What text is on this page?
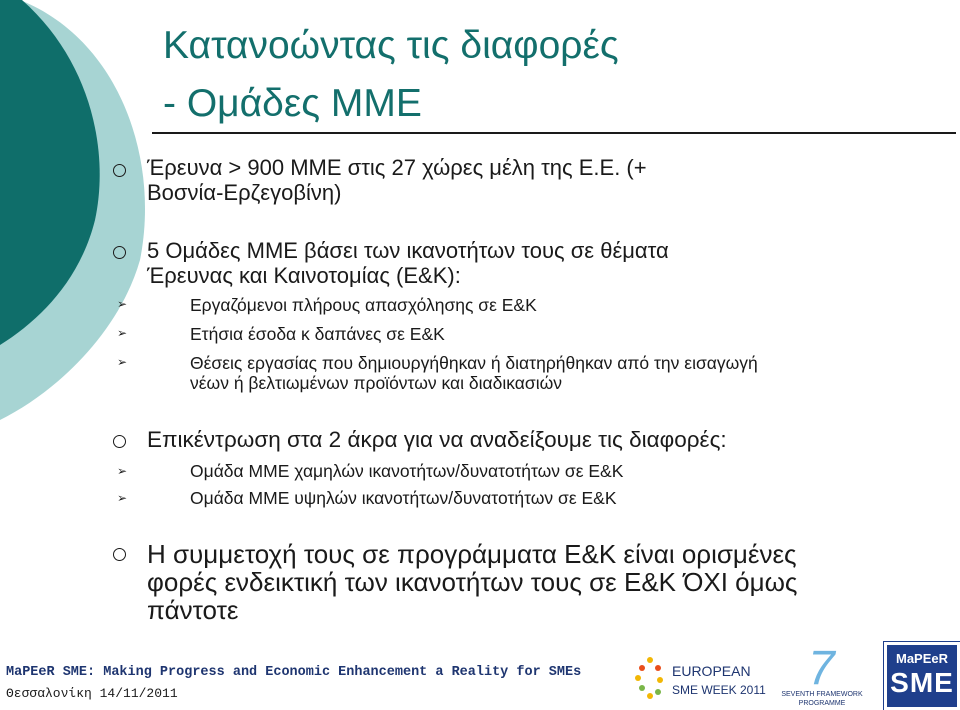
Κατανοώντας τις διαφορές
- Ομάδες ΜΜΕ
Έρευνα > 900 ΜΜΕ στις 27 χώρες μέλη της Ε.Ε. (+
Βοσνία-Ερζεγοβίνη)
5 Ομάδες ΜΜΕ βάσει των ικανοτήτων τους σε θέματα
Έρευνας και Καινοτομίας (Ε&Κ):
➢	Εργαζόμενοι πλήρους απασχόλησης σε Ε&Κ
➢	Ετήσια έσοδα κ δαπάνες σε Ε&Κ
➢	Θέσεις εργασίας που δημιουργήθηκαν ή διατηρήθηκαν από την εισαγωγή
νέων ή βελτιωμένων προϊόντων και διαδικασιών
Επικέντρωση στα 2 άκρα για να αναδείξουμε τις διαφορές:
➢	Ομάδα ΜΜΕ χαμηλών ικανοτήτων/δυνατοτήτων σε Ε&Κ
➢	Ομάδα ΜΜΕ υψηλών ικανοτήτων/δυνατοτήτων σε Ε&Κ
Η συμμετοχή τους σε προγράμματα Ε&Κ είναι ορισμένες
φορές ενδεικτική των ικανοτήτων τους σε Ε&Κ ΌΧΙ όμως
πάντοτε
MaPEeR SME: Making Progress and Economic Enhancement a Reality for SMEs
Θεσσαλονίκη 14/11/2011
EUROPEAN
SME WEEK 2011 7
SEVENTH FRAMEWORK
PROGRAMME
MaPEeR
SME
